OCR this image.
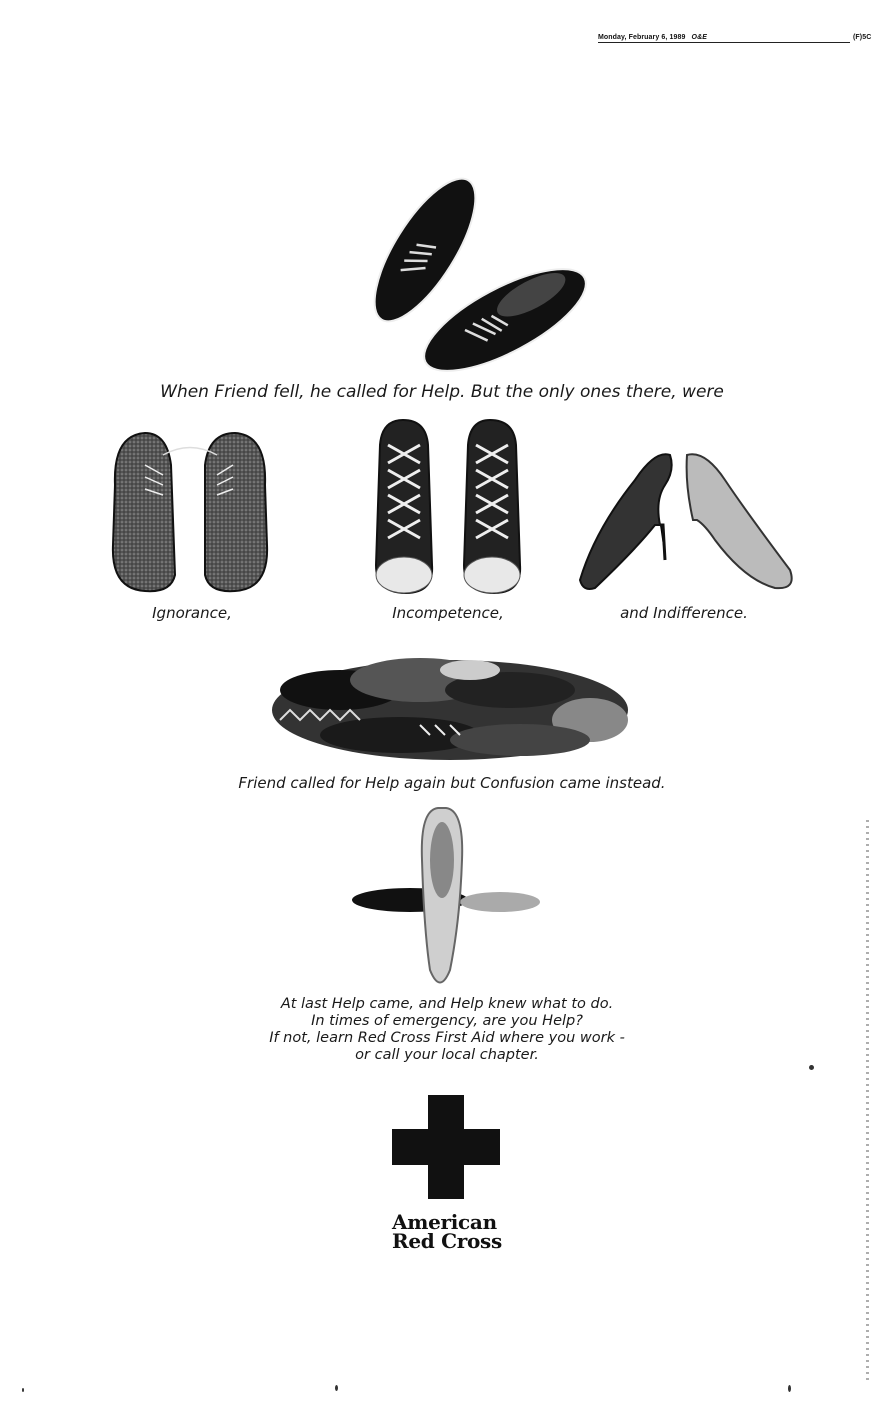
Monday, February 6, 1989 O&E	(F)5C
When Friend fell, he called for Help. But the only ones there, were
Ignorance,	Incompetence,	and Indifference.
Friend called for Help again but Confusion came instead.
At last Help came, and Help knew what to do.
In times of emergency, are you Help?
If not, learn Red Cross First Aid where you work -
or call your local chapter.
American
Red Cross
